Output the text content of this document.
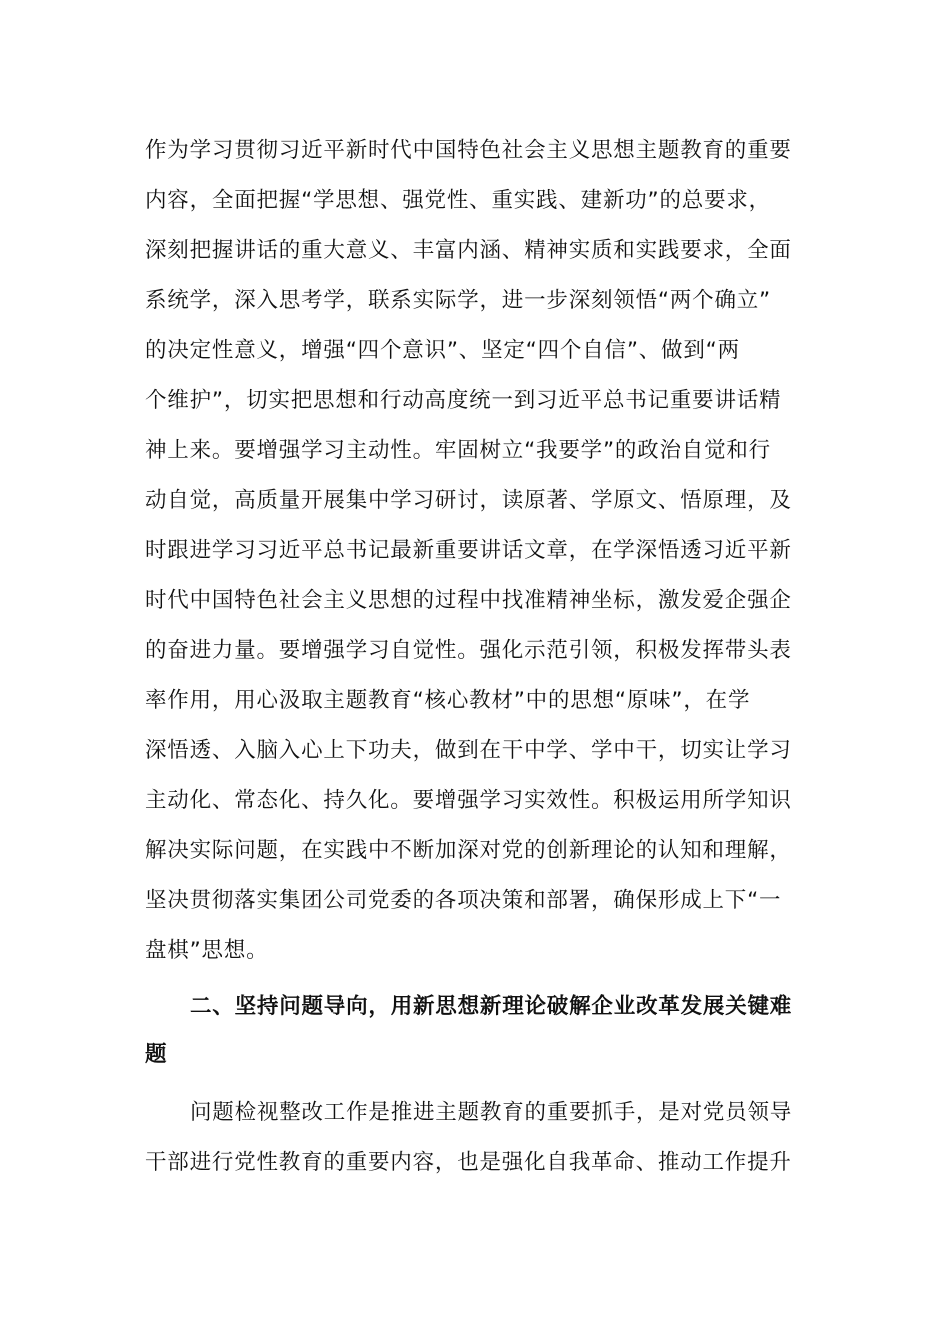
作为学习贯彻习近平新时代中国特色社会主义思想主题教育的重要
内容，全面把握“学思想、强党性、重实践、建新功”的总要求，
深刻把握讲话的重大意义、丰富内涵、精神实质和实践要求，全面
系统学，深入思考学，联系实际学，进一步深刻领悟“两个确立”
的决定性意义，增强“四个意识”、坚定“四个自信”、做到“两
个维护”，切实把思想和行动高度统一到习近平总书记重要讲话精
神上来。要增强学习主动性。牢固树立“我要学”的政治自觉和行
动自觉，高质量开展集中学习研讨，读原著、学原文、悟原理，及
时跟进学习习近平总书记最新重要讲话文章，在学深悟透习近平新
时代中国特色社会主义思想的过程中找准精神坐标，激发爱企强企
的奋进力量。要增强学习自觉性。强化示范引领，积极发挥带头表
率作用，用心汲取主题教育“核心教材”中的思想“原味”，在学
深悟透、入脑入心上下功夫，做到在干中学、学中干，切实让学习
主动化、常态化、持久化。要增强学习实效性。积极运用所学知识
解决实际问题，在实践中不断加深对党的创新理论的认知和理解，
坚决贯彻落实集团公司党委的各项决策和部署，确保形成上下“一
盘棋”思想。
二、坚持问题导向，用新思想新理论破解企业改革发展关键难
题
问题检视整改工作是推进主题教育的重要抓手，是对党员领导
干部进行党性教育的重要内容，也是强化自我革命、推动工作提升
